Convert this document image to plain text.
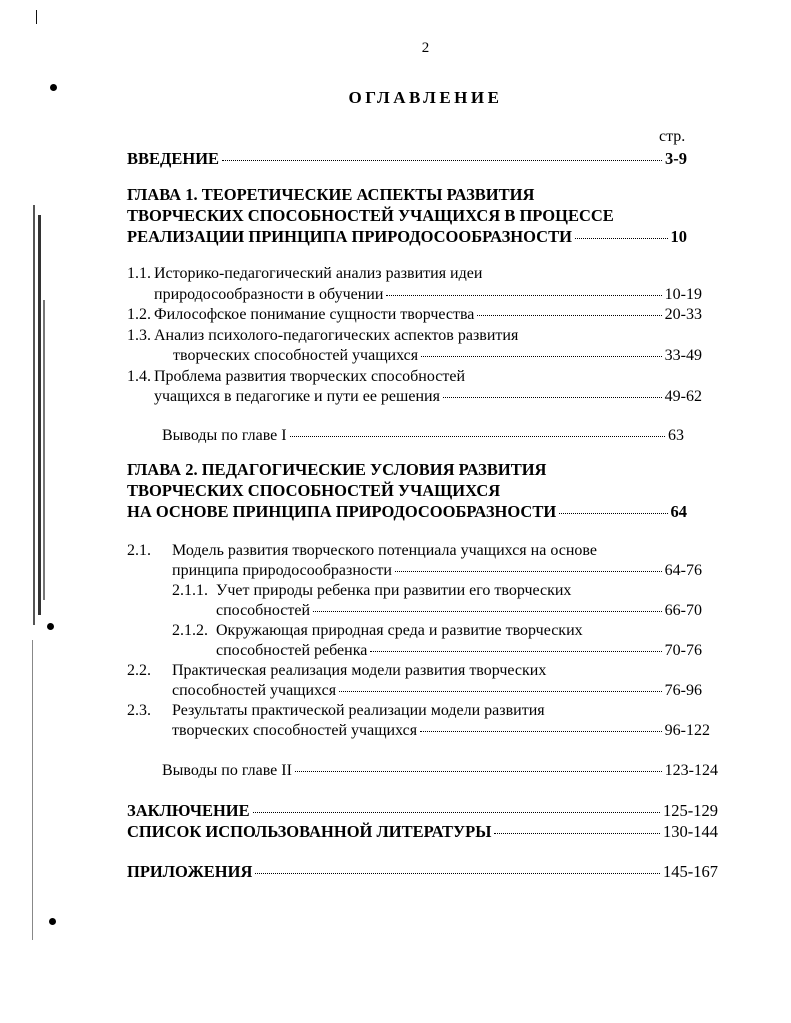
2
ОГЛАВЛЕНИЕ
стр.
ВВЕДЕНИЕ	3-9
ГЛАВА 1. ТЕОРЕТИЧЕСКИЕ АСПЕКТЫ РАЗВИТИЯ
ТВОРЧЕСКИХ СПОСОБНОСТЕЙ УЧАЩИХСЯ В ПРОЦЕССЕ
РЕАЛИЗАЦИИ ПРИНЦИПА ПРИРОДОСООБРАЗНОСТИ	10
1.1. Историко-педагогический анализ развития идеи
природосообразности в обучении	10-19
1.2. Философское понимание сущности творчества	20-33
1.3. Анализ психолого-педагогических аспектов развития
творческих способностей учащихся	33-49
1.4. Проблема развития творческих способностей
учащихся в педагогике и пути ее решения	49-62
Выводы по главе I	63
ГЛАВА 2. ПЕДАГОГИЧЕСКИЕ УСЛОВИЯ РАЗВИТИЯ
ТВОРЧЕСКИХ СПОСОБНОСТЕЙ УЧАЩИХСЯ
НА ОСНОВЕ ПРИНЦИПА ПРИРОДОСООБРАЗНОСТИ	64
2.1. Модель развития творческого потенциала учащихся на основе
принципа природосообразности	64-76
2.1.1. Учет природы ребенка при развитии его творческих
способностей	66-70
2.1.2. Окружающая природная среда и развитие творческих
способностей ребенка	70-76
2.2. Практическая реализация модели развития творческих
способностей учащихся	76-96
2.3. Результаты практической реализации модели развития
творческих способностей учащихся	96-122
Выводы по главе II	123-124
ЗАКЛЮЧЕНИЕ	125-129
СПИСОК ИСПОЛЬЗОВАННОЙ ЛИТЕРАТУРЫ	130-144
ПРИЛОЖЕНИЯ	145-167
